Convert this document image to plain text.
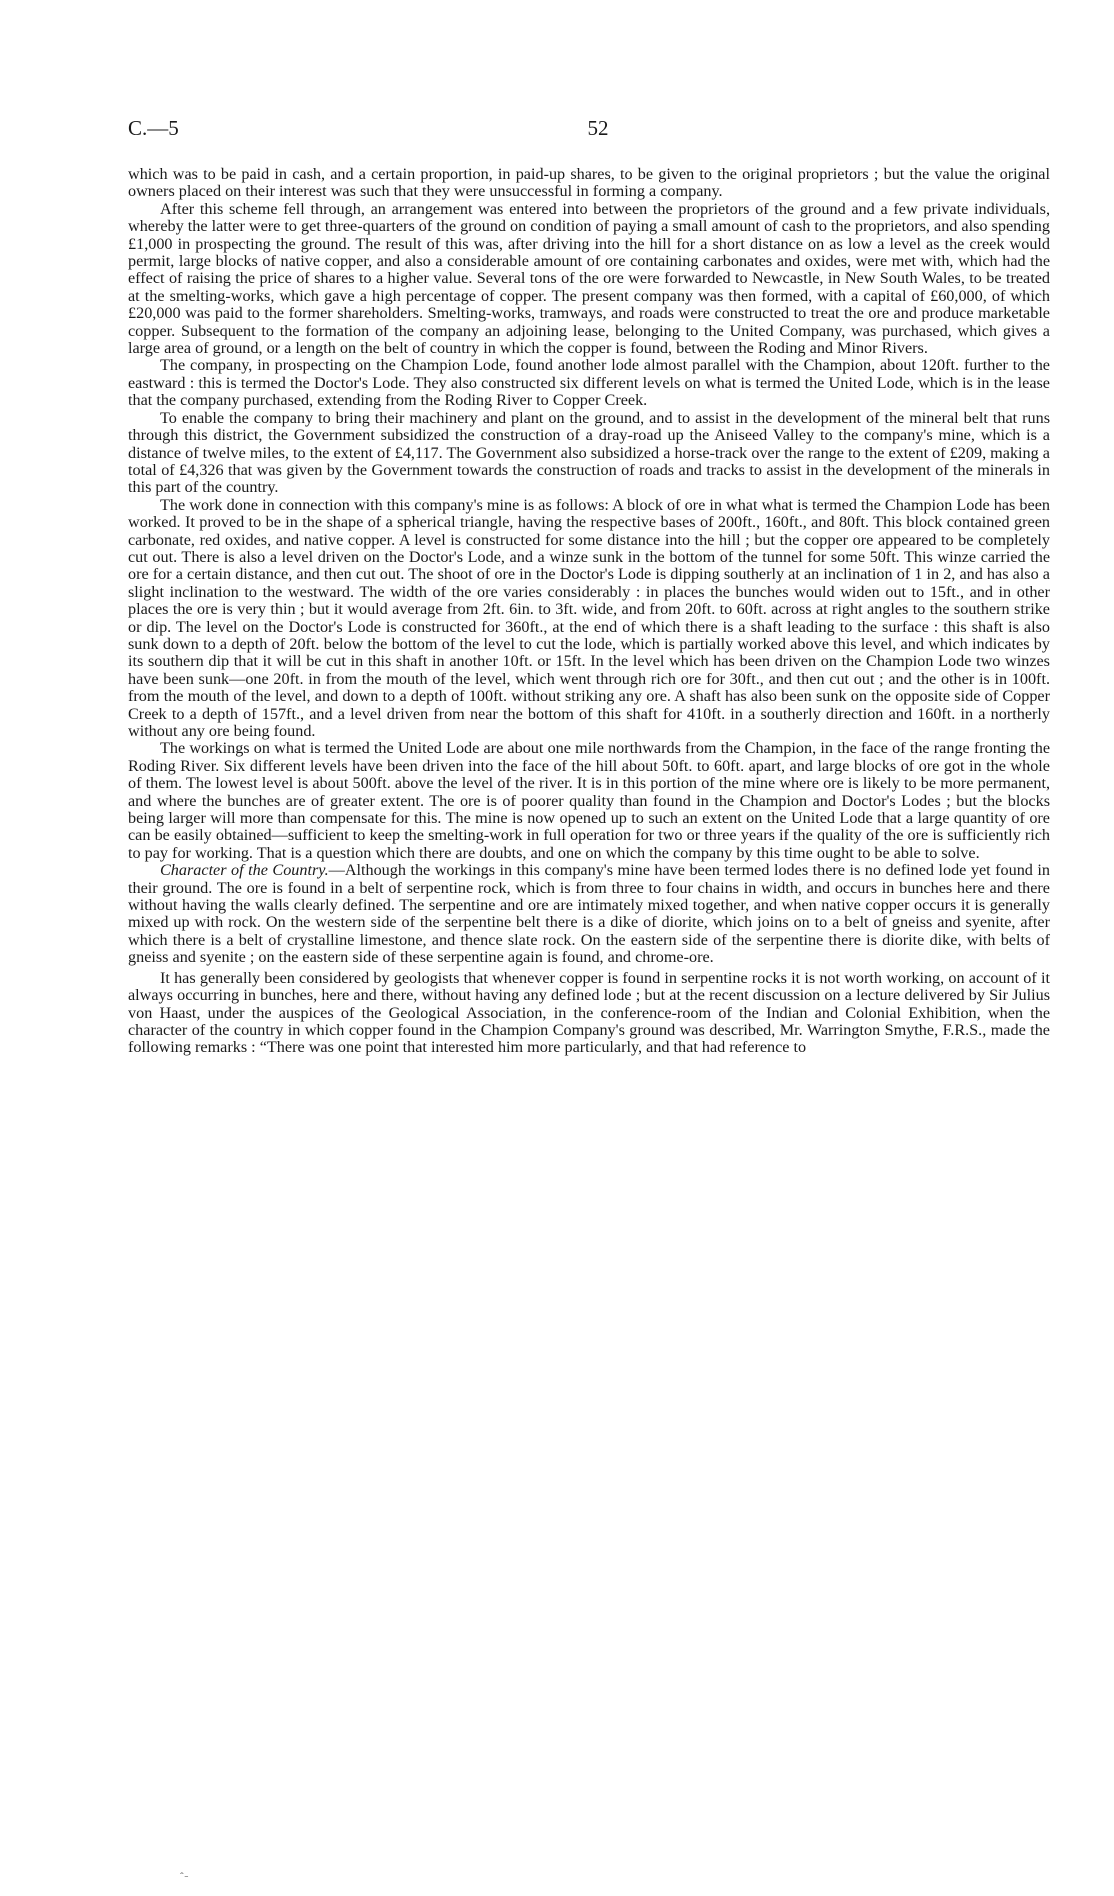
C.—5	52

which was to be paid in cash, and a certain proportion, in paid-up shares, to be given to the original proprietors ; but the value the original owners placed on their interest was such that they were unsuccessful in forming a company.

After this scheme fell through, an arrangement was entered into between the proprietors of the ground and a few private individuals, whereby the latter were to get three-quarters of the ground on condition of paying a small amount of cash to the proprietors, and also spending £1,000 in prospecting the ground. The result of this was, after driving into the hill for a short distance on as low a level as the creek would permit, large blocks of native copper, and also a considerable amount of ore containing carbonates and oxides, were met with, which had the effect of raising the price of shares to a higher value. Several tons of the ore were forwarded to Newcastle, in New South Wales, to be treated at the smelting-works, which gave a high percentage of copper. The present company was then formed, with a capital of £60,000, of which £20,000 was paid to the former shareholders. Smelting-works, tramways, and roads were constructed to treat the ore and produce marketable copper. Subsequent to the formation of the company an adjoining lease, belonging to the United Company, was purchased, which gives a large area of ground, or a length on the belt of country in which the copper is found, between the Roding and Minor Rivers.

The company, in prospecting on the Champion Lode, found another lode almost parallel with the Champion, about 120ft. further to the eastward : this is termed the Doctor's Lode. They also constructed six different levels on what is termed the United Lode, which is in the lease that the company purchased, extending from the Roding River to Copper Creek.

To enable the company to bring their machinery and plant on the ground, and to assist in the development of the mineral belt that runs through this district, the Government subsidized the construction of a dray-road up the Aniseed Valley to the company's mine, which is a distance of twelve miles, to the extent of £4,117. The Government also subsidized a horse-track over the range to the extent of £209, making a total of £4,326 that was given by the Government towards the construction of roads and tracks to assist in the development of the minerals in this part of the country.

The work done in connection with this company's mine is as follows: A block of ore in what what is termed the Champion Lode has been worked. It proved to be in the shape of a spherical triangle, having the respective bases of 200ft., 160ft., and 80ft. This block contained green carbonate, red oxides, and native copper. A level is constructed for some distance into the hill ; but the copper ore appeared to be completely cut out. There is also a level driven on the Doctor's Lode, and a winze sunk in the bottom of the tunnel for some 50ft. This winze carried the ore for a certain distance, and then cut out. The shoot of ore in the Doctor's Lode is dipping southerly at an inclination of 1 in 2, and has also a slight inclination to the westward. The width of the ore varies considerably : in places the bunches would widen out to 15ft., and in other places the ore is very thin ; but it would average from 2ft. 6in. to 3ft. wide, and from 20ft. to 60ft. across at right angles to the southern strike or dip. The level on the Doctor's Lode is constructed for 360ft., at the end of which there is a shaft leading to the surface : this shaft is also sunk down to a depth of 20ft. below the bottom of the level to cut the lode, which is partially worked above this level, and which indicates by its southern dip that it will be cut in this shaft in another 10ft. or 15ft. In the level which has been driven on the Champion Lode two winzes have been sunk—one 20ft. in from the mouth of the level, which went through rich ore for 30ft., and then cut out ; and the other is in 100ft. from the mouth of the level, and down to a depth of 100ft. without striking any ore. A shaft has also been sunk on the opposite side of Copper Creek to a depth of 157ft., and a level driven from near the bottom of this shaft for 410ft. in a southerly direction and 160ft. in a northerly without any ore being found.

The workings on what is termed the United Lode are about one mile northwards from the Champion, in the face of the range fronting the Roding River. Six different levels have been driven into the face of the hill about 50ft. to 60ft. apart, and large blocks of ore got in the whole of them. The lowest level is about 500ft. above the level of the river. It is in this portion of the mine where ore is likely to be more permanent, and where the bunches are of greater extent. The ore is of poorer quality than found in the Champion and Doctor's Lodes ; but the blocks being larger will more than compensate for this. The mine is now opened up to such an extent on the United Lode that a large quantity of ore can be easily obtained—sufficient to keep the smelting-work in full operation for two or three years if the quality of the ore is sufficiently rich to pay for working. That is a question which there are doubts, and one on which the company by this time ought to be able to solve.

Character of the Country.—Although the workings in this company's mine have been termed lodes there is no defined lode yet found in their ground. The ore is found in a belt of serpentine rock, which is from three to four chains in width, and occurs in bunches here and there without having the walls clearly defined. The serpentine and ore are intimately mixed together, and when native copper occurs it is generally mixed up with rock. On the western side of the serpentine belt there is a dike of diorite, which joins on to a belt of gneiss and syenite, after which there is a belt of crystalline limestone, and thence slate rock. On the eastern side of the serpentine there is diorite dike, with belts of gneiss and syenite ; on the eastern side of these serpentine again is found, and chrome-ore.

It has generally been considered by geologists that whenever copper is found in serpentine rocks it is not worth working, on account of it always occurring in bunches, here and there, without having any defined lode ; but at the recent discussion on a lecture delivered by Sir Julius von Haast, under the auspices of the Geological Association, in the conference-room of the Indian and Colonial Exhibition, when the character of the country in which copper found in the Champion Company's ground was described, Mr. Warrington Smythe, F.R.S., made the following remarks : “There was one point that interested him more particularly, and that had reference to

ˆ ̵
